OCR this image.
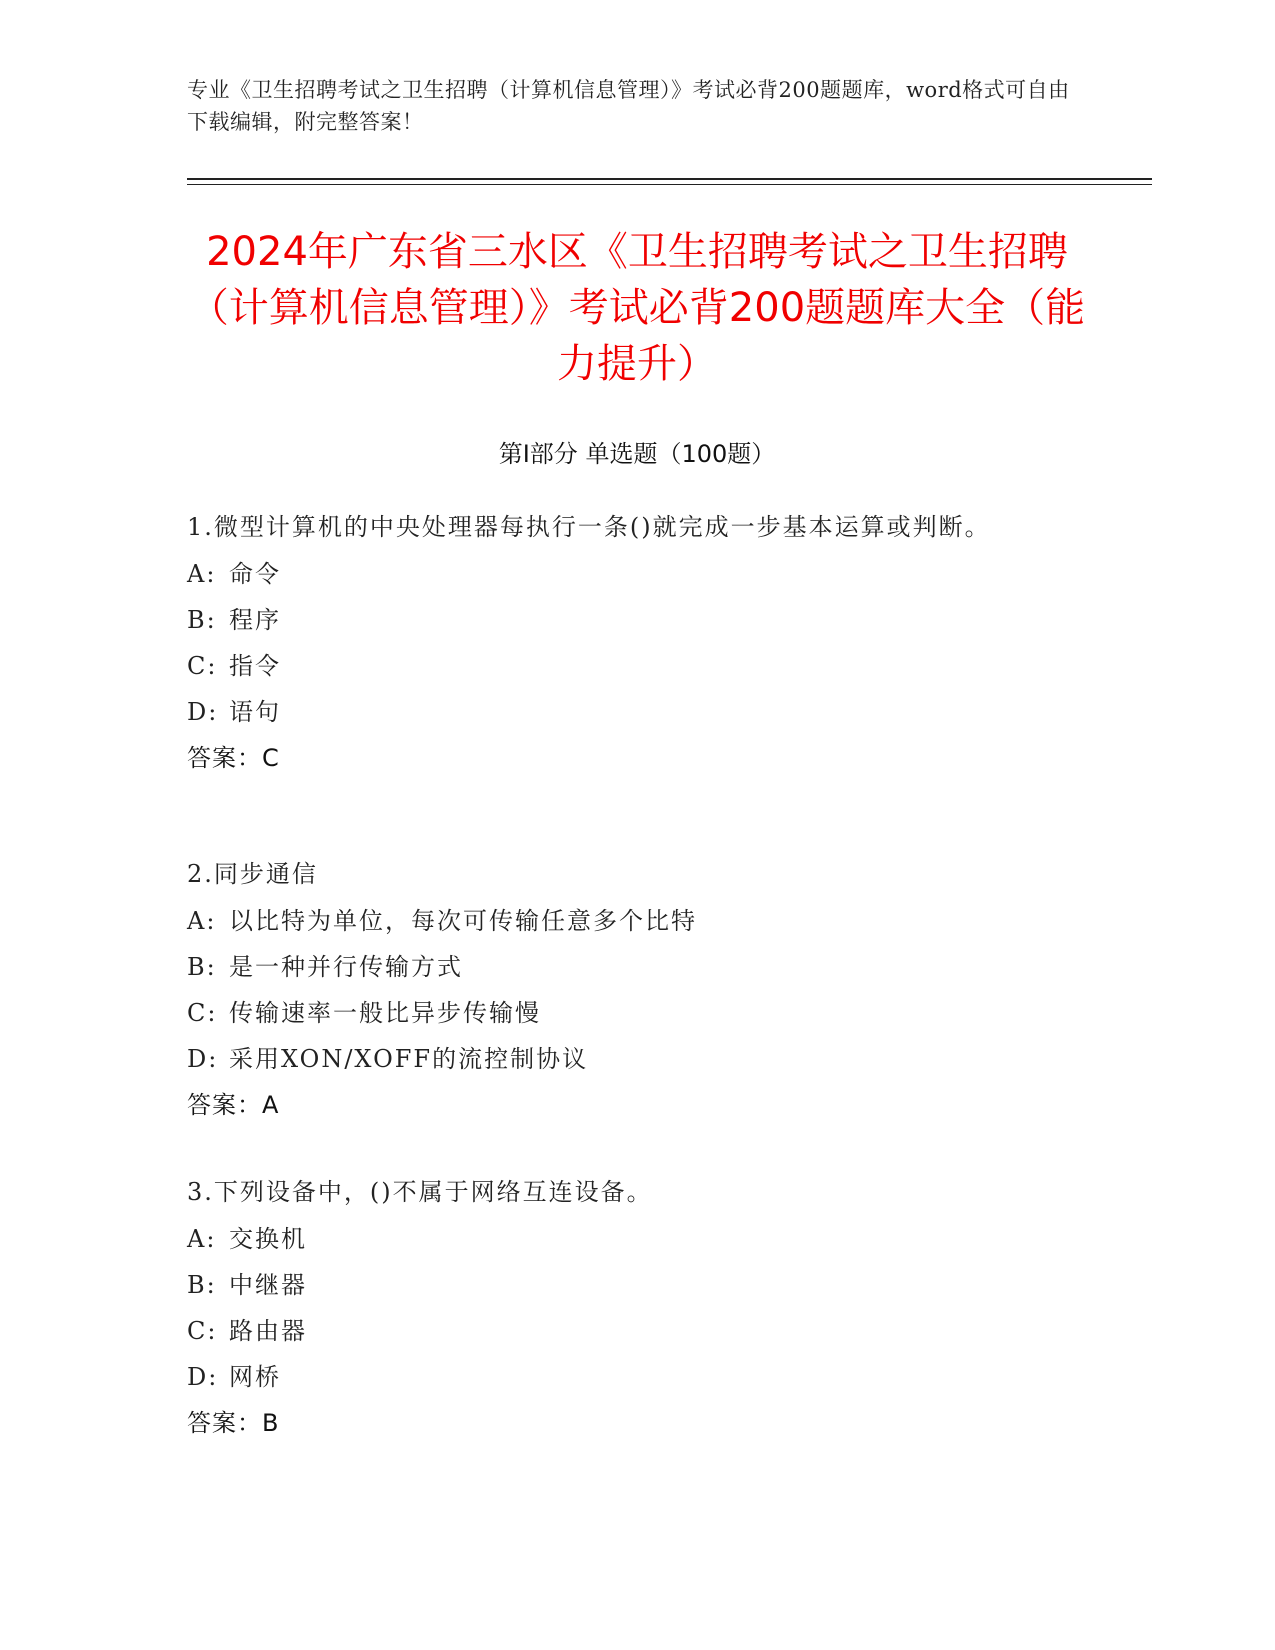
专业《卫生招聘考试之卫生招聘（计算机信息管理）》考试必背200题题库，word格式可自由下载编辑，附完整答案！
2024年广东省三水区《卫生招聘考试之卫生招聘（计算机信息管理）》考试必背200题题库大全（能力提升）
第Ⅰ部分 单选题（100题）
1.微型计算机的中央处理器每执行一条()就完成一步基本运算或判断。
A: 命令
B: 程序
C: 指令
D: 语句
答案：C
2.同步通信
A: 以比特为单位，每次可传输任意多个比特
B: 是一种并行传输方式
C: 传输速率一般比异步传输慢
D: 采用XON/XOFF的流控制协议
答案：A
3.下列设备中，()不属于网络互连设备。
A: 交换机
B: 中继器
C: 路由器
D: 网桥
答案：B
